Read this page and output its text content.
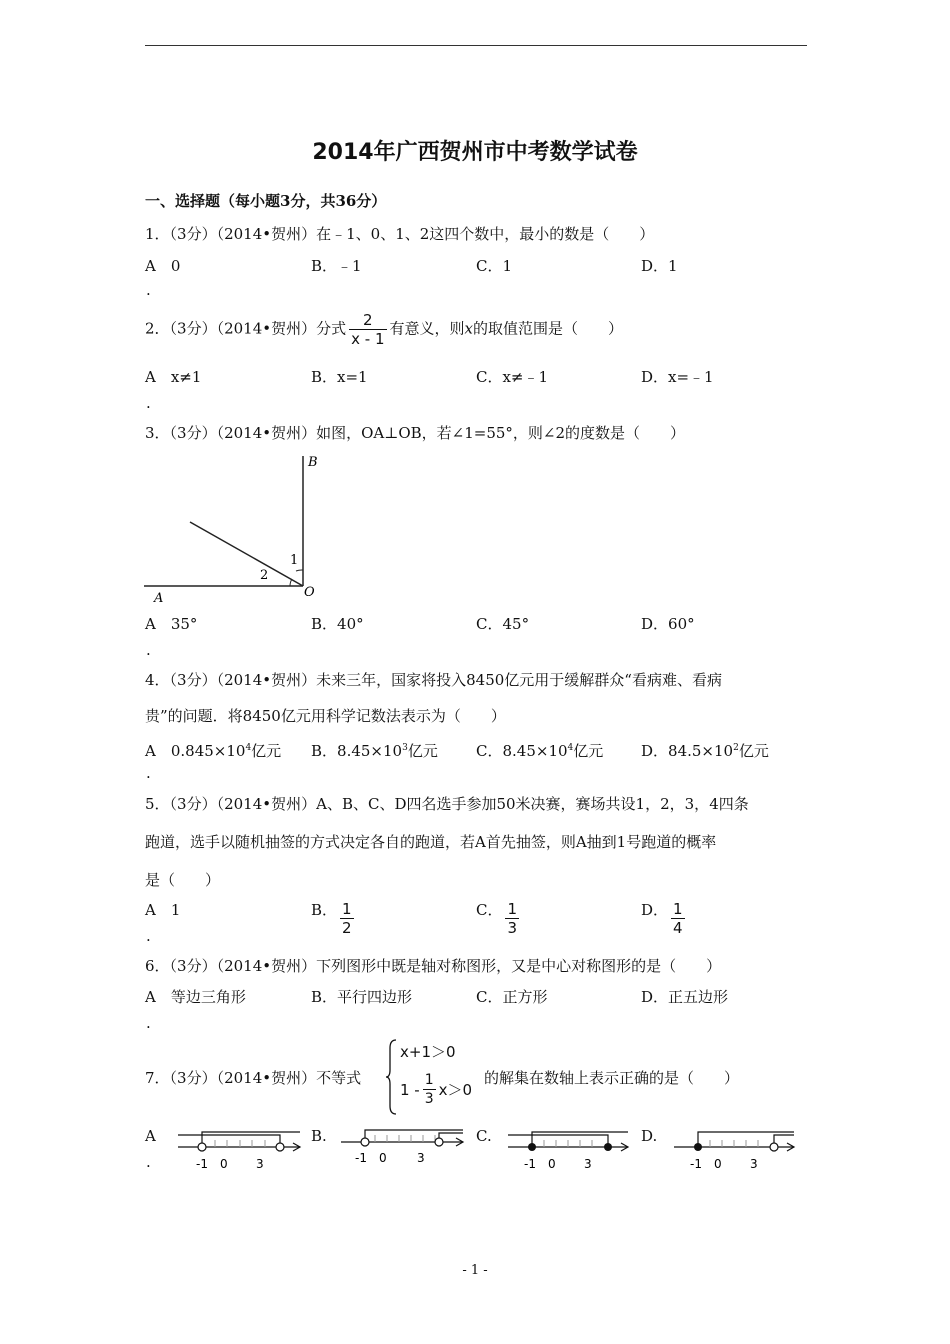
2014年广西贺州市中考数学试卷
一、选择题（每小题3分，共36分）
1．（3分）（2014•贺州）在﹣1、0、1、2这四个数中，最小的数是（　　）
A　0	B．﹣1	C．1	D．1
.
2．（3分）（2014•贺州）分式 $\frac{2}{x - 1}$ 有意义，则x的取值范围是（　　）
A　x≠1	B．x=1	C．x≠﹣1	D．x=﹣1
.
3．（3分）（2014•贺州）如图，OA⊥OB，若∠1=55°，则∠2的度数是（　　）
B
A	O
1
2
A　35°	B．40°	C．45°	D．60°
.
4．（3分）（2014•贺州）未来三年，国家将投入8450亿元用于缓解群众“看病难、看病
贵”的问题．将8450亿元用科学记数法表示为（　　）
A　$0.845\times 10^4$亿元 B．$8.45\times 10^3$亿元	C．$8.45\times 10^4$亿元	D．$84.5\times 10^2$亿元
.
5．（3分）（2014•贺州）A、B、C、D四名选手参加50米决赛，赛场共设1，2，3，4四条
跑道，选手以随机抽签的方式决定各自的跑道，若A首先抽签，则A抽到1号跑道的概率
是（　　）
A　1	B． $\frac{1}{2}$	C． $\frac{1}{3}$	D． $\frac{1}{4}$
.
6．（3分）（2014•贺州）下列图形中既是轴对称图形，又是中心对称图形的是（　　）
A　等边三角形	B．平行四边形	C．正方形	D．正五边形
.
7．（3分）（2014•贺州）不等式
x+1＞0
$1 - \frac{1}{3} x>0$
的解集在数轴上表示正确的是（　　）
A
.	-1 0 3
B.
-1 0	3
C.
-1 0 3
D.
-1 0 3
- 1 -
